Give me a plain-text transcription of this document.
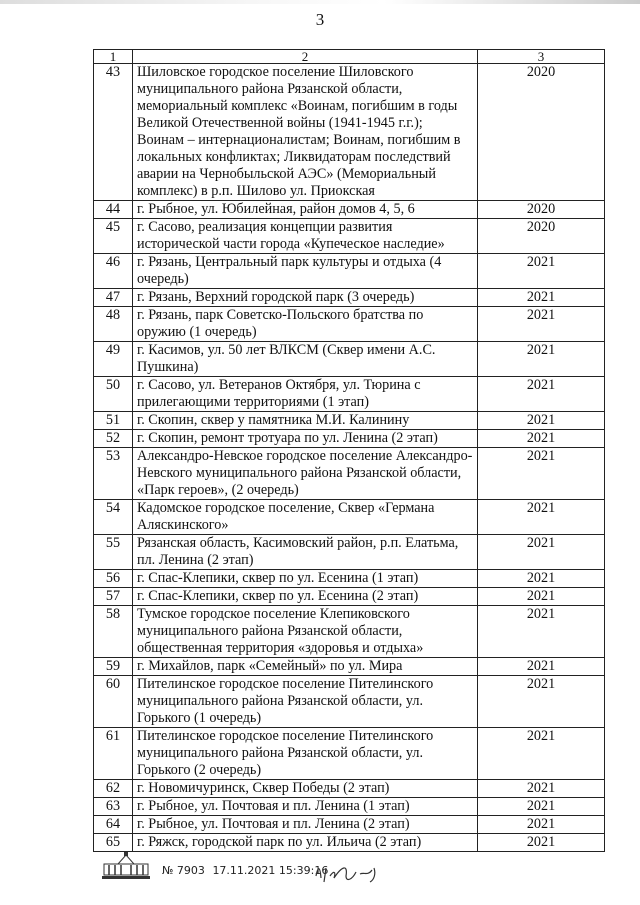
3
1	2	3
43	Шиловское городское поселение Шиловского муниципального района Рязанской области, мемориальный комплекс «Воинам, погибшим в годы Великой Отечественной войны (1941-1945 г.г.); Воинам – интернационалистам; Воинам, погибшим в локальных конфликтах; Ликвидаторам последствий аварии на Чернобыльской АЭС» (Мемориальный комплекс) в р.п. Шилово ул. Приокская	2020
44	г. Рыбное, ул. Юбилейная, район домов 4, 5, 6	2020
45	г. Сасово, реализация концепции развития исторической части города «Купеческое наследие»	2020
46	г. Рязань, Центральный парк культуры и отдыха (4 очередь)	2021
47	г. Рязань, Верхний городской парк (3 очередь)	2021
48	г. Рязань, парк Советско-Польского братства по оружию (1 очередь)	2021
49	г. Касимов, ул. 50 лет ВЛКСМ (Сквер имени А.С. Пушкина)	2021
50	г. Сасово, ул. Ветеранов Октября, ул. Тюрина с прилегающими территориями (1 этап)	2021
51	г. Скопин, сквер у памятника М.И. Калинину	2021
52	г. Скопин, ремонт тротуара по ул. Ленина (2 этап)	2021
53	Александро-Невское городское поселение Александро-Невского муниципального района Рязанской области, «Парк героев», (2 очередь)	2021
54	Кадомское городское поселение, Сквер «Германа Аляскинского»	2021
55	Рязанская область, Касимовский район, р.п. Елатьма, пл. Ленина (2 этап)	2021
56	г. Спас-Клепики, сквер по ул. Есенина (1 этап)	2021
57	г. Спас-Клепики, сквер по ул. Есенина (2 этап)	2021
58	Тумское городское поселение Клепиковского муниципального района Рязанской области, общественная территория «здоровья и отдыха»	2021
59	г. Михайлов, парк «Семейный» по ул. Мира	2021
60	Пителинское городское поселение Пителинского муниципального района Рязанской области, ул. Горького (1 очередь)	2021
61	Пителинское городское поселение Пителинского муниципального района Рязанской области, ул. Горького (2 очередь)	2021
62	г. Новомичуринск, Сквер Победы (2 этап)	2021
63	г. Рыбное, ул. Почтовая и пл. Ленина (1 этап)	2021
64	г. Рыбное, ул. Почтовая и пл. Ленина (2 этап)	2021
65	г. Ряжск, городской парк по ул. Ильича (2 этап)	2021
№ 7903 17.11.2021 15:39:16
